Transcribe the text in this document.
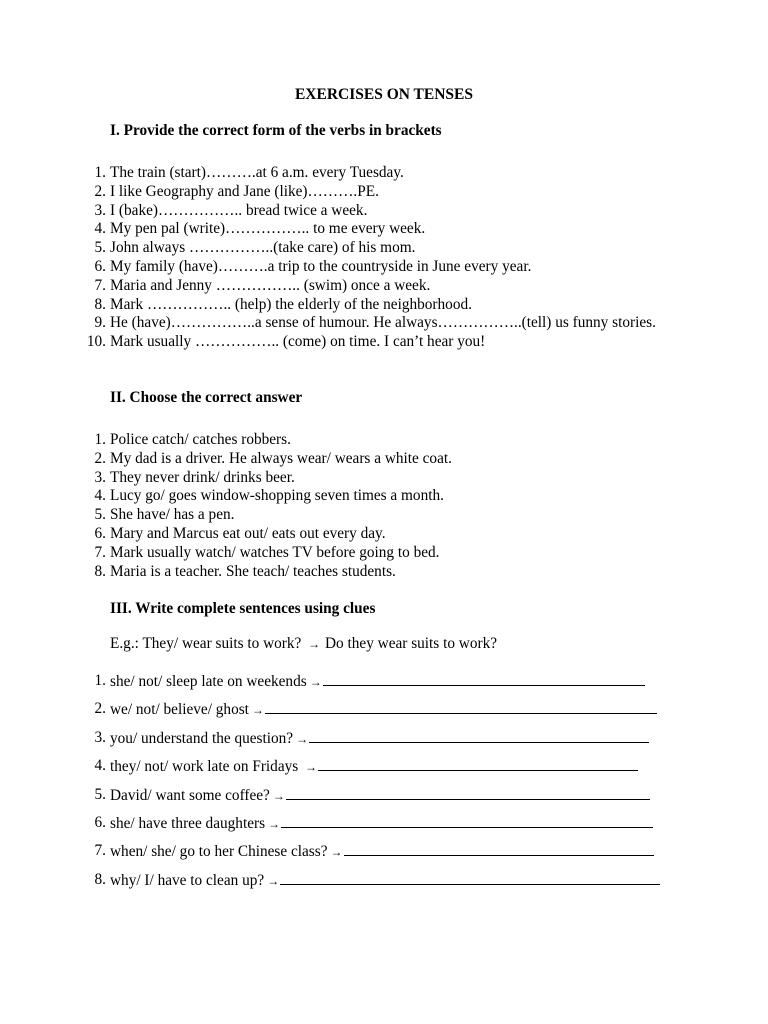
EXERCISES ON TENSES
I. Provide the correct form of the verbs in brackets
1. The train (start)……….at 6 a.m. every Tuesday.
2. I like Geography and Jane (like)……….PE.
3. I (bake)…………….. bread twice a week.
4. My pen pal (write)…………….. to me every week.
5. John always ……………..(take care) of his mom.
6. My family (have)……….a trip to the countryside in June every year.
7. Maria and Jenny …………….. (swim) once a week.
8. Mark …………….. (help) the elderly of the neighborhood.
9. He (have)……………..a sense of humour. He always……………..(tell) us funny stories.
10. Mark usually …………….. (come) on time. I can’t hear you!
II. Choose the correct answer
1. Police catch/ catches robbers.
2. My dad is a driver. He always wear/ wears a white coat.
3. They never drink/ drinks beer.
4. Lucy go/ goes window-shopping seven times a month.
5. She have/ has a pen.
6. Mary and Marcus eat out/ eats out every day.
7. Mark usually watch/ watches TV before going to bed.
8. Maria is a teacher. She teach/ teaches students.
III. Write complete sentences using clues

E.g.: They/ wear suits to work? → Do they wear suits to work?

1. she/ not/ sleep late on weekends →
2. we/ not/ believe/ ghost →
3. you/ understand the question? →
4. they/ not/ work late on Fridays →
5. David/ want some coffee? →
6. she/ have three daughters →
7. when/ she/ go to her Chinese class? →
8. why/ I/ have to clean up? →
